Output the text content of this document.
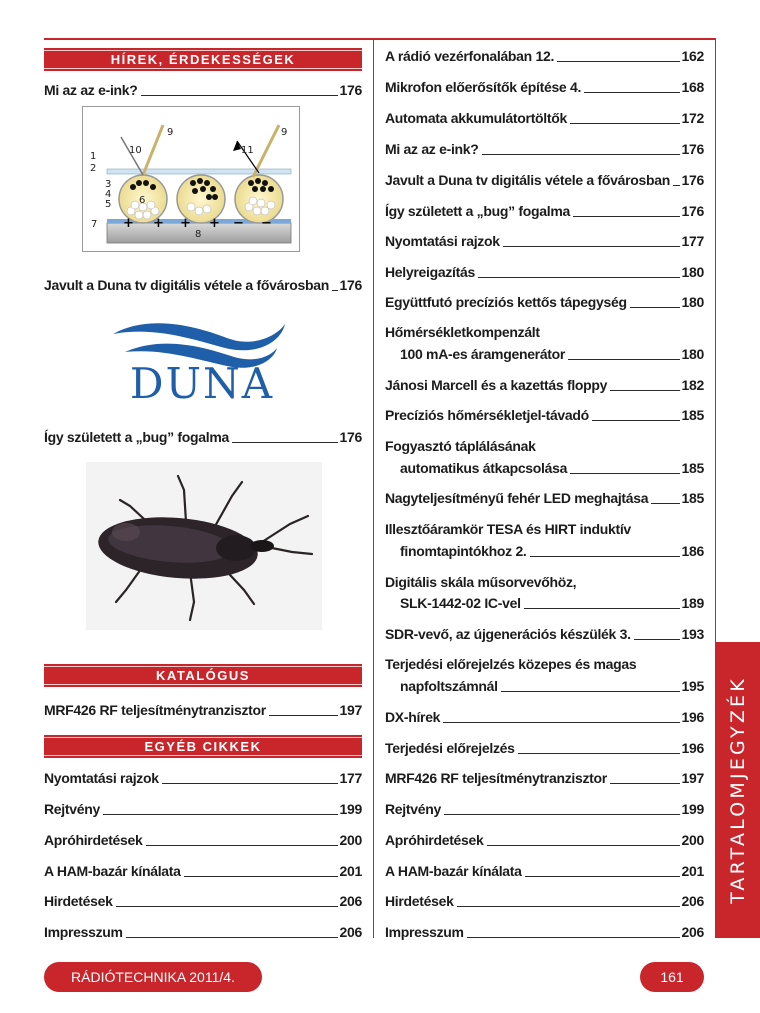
HÍREK, ÉRDEKESSÉGEK
Mi az az e-ink?	176
+ + + + − −
1
2
3
4
5	6
7
8
9
10	11
9
Javult a Duna tv digitális vétele a fővárosban 176
DUNA
Így született a „bug” fogalma	176
KATALÓGUS
MRF426 RF teljesítménytranzisztor	197
EGYÉB CIKKEK	TARTALOMJEGYZÉK
RÁDIÓTECHNIKA 2011/4.	161
Nyomtatási rajzok	177
Rejtvény	199
Apróhirdetések	200
A HAM-bazár kínálata	201
Hirdetések	206
Impresszum	206
A rádió vezérfonalában 12.	162
Mikrofon előerősítők építése 4.	168
Automata akkumulátortöltők	172
Mi az az e-ink?	176
Javult a Duna tv digitális vétele a fővárosban 176
Így született a „bug” fogalma	176
Nyomtatási rajzok	177
Helyreigazítás	180
Együttfutó precíziós kettős tápegység	180
Hőmérsékletkompenzált
100 mA-es áramgenerátor	180
Jánosi Marcell és a kazettás floppy	182
Precíziós hőmérsékletjel-távadó	185
Fogyasztó táplálásának
automatikus átkapcsolása	185
Nagyteljesítményű fehér LED meghajtása 185
Illesztőáramkör TESA és HIRT induktív
finomtapintókhoz 2.	186
Digitális skála műsorvevőhöz,
SLK-1442-02 IC-vel	189
SDR-vevő, az újgenerációs készülék 3.	193
Terjedési előrejelzés közepes és magas
napfoltszámnál	195
DX-hírek	196
Terjedési előrejelzés	196
MRF426 RF teljesítménytranzisztor	197
Rejtvény	199
Apróhirdetések	200
A HAM-bazár kínálata	201
Hirdetések	206
Impresszum	206
